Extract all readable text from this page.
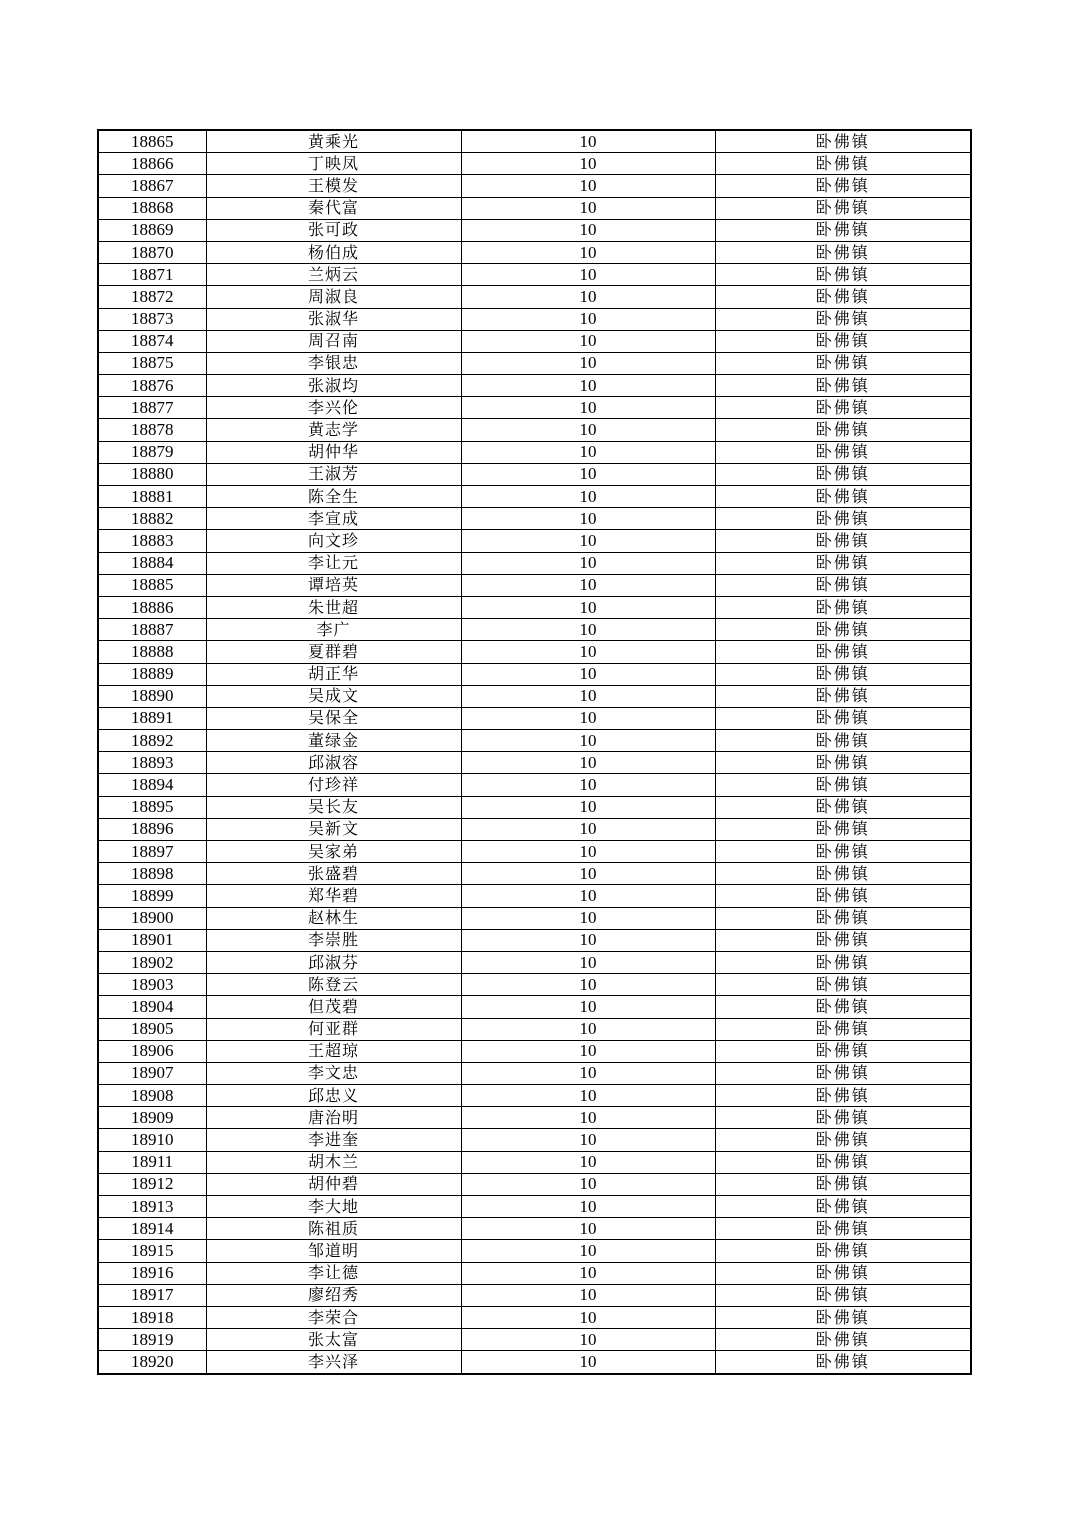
18865	黄乘光	10	卧佛镇
18866	丁映凤	10	卧佛镇
18867	王模发	10	卧佛镇
18868	秦代富	10	卧佛镇
18869	张可政	10	卧佛镇
18870	杨伯成	10	卧佛镇
18871	兰炳云	10	卧佛镇
18872	周淑良	10	卧佛镇
18873	张淑华	10	卧佛镇
18874	周召南	10	卧佛镇
18875	李银忠	10	卧佛镇
18876	张淑均	10	卧佛镇
18877	李兴伦	10	卧佛镇
18878	黄志学	10	卧佛镇
18879	胡仲华	10	卧佛镇
18880	王淑芳	10	卧佛镇
18881	陈全生	10	卧佛镇
18882	李宣成	10	卧佛镇
18883	向文珍	10	卧佛镇
18884	李让元	10	卧佛镇
18885	谭培英	10	卧佛镇
18886	朱世超	10	卧佛镇
18887	李广	10	卧佛镇
18888	夏群碧	10	卧佛镇
18889	胡正华	10	卧佛镇
18890	吴成文	10	卧佛镇
18891	吴保全	10	卧佛镇
18892	董绿金	10	卧佛镇
18893	邱淑容	10	卧佛镇
18894	付珍祥	10	卧佛镇
18895	吴长友	10	卧佛镇
18896	吴新文	10	卧佛镇
18897	吴家弟	10	卧佛镇
18898	张盛碧	10	卧佛镇
18899	郑华碧	10	卧佛镇
18900	赵林生	10	卧佛镇
18901	李崇胜	10	卧佛镇
18902	邱淑芬	10	卧佛镇
18903	陈登云	10	卧佛镇
18904	但茂碧	10	卧佛镇
18905	何亚群	10	卧佛镇
18906	王超琼	10	卧佛镇
18907	李文忠	10	卧佛镇
18908	邱忠义	10	卧佛镇
18909	唐治明	10	卧佛镇
18910	李进奎	10	卧佛镇
18911	胡木兰	10	卧佛镇
18912	胡仲碧	10	卧佛镇
18913	李大地	10	卧佛镇
18914	陈祖质	10	卧佛镇
18915	邹道明	10	卧佛镇
18916	李让德	10	卧佛镇
18917	廖绍秀	10	卧佛镇
18918	李荣合	10	卧佛镇
18919	张太富	10	卧佛镇
18920	李兴泽	10	卧佛镇
